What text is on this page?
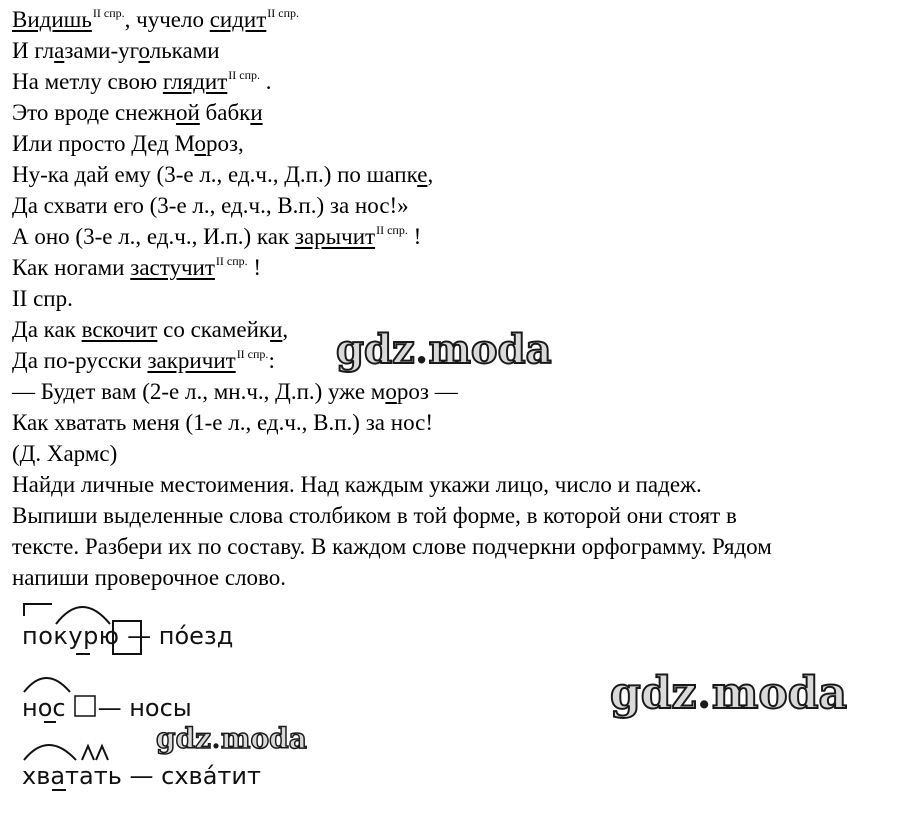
Видишь$^{II спр.}$, чучело сидит$^{II спр.}$
И глазами-угольками
На метлу свою глядит$^{II спр.}$ .
Это вроде снежной бабки
Или просто Дед Мороз,
Ну-ка дай ему (3-е л., ед.ч., Д.п.) по шапке,
Да схвати его (3-е л., ед.ч., В.п.) за нос!»
А оно (3-е л., ед.ч., И.п.) как зарычит$^{II спр.}$ !
Как ногами застучит$^{II спр.}$ !
II спр.
Да как вскочит со скамейки,
Да по-русски закричит$^{II спр.}$:
— Будет вам (2-е л., мн.ч., Д.п.) уже мороз —
Как хватать меня (1-е л., ед.ч., В.п.) за нос!
(Д. Хармс)
Найди личные местоимения. Над каждым укажи лицо, число и падеж.
Выпиши выделенные слова столбиком в той форме, в которой они стоят в
тексте. Разбери их по составу. В каждом слове подчеркни орфограмму. Рядом
напиши проверочное слово.
gdz.moda
gdz.moda
покурю — по́езд
нос — носы
gdz.moda
хватать — схва́тит
